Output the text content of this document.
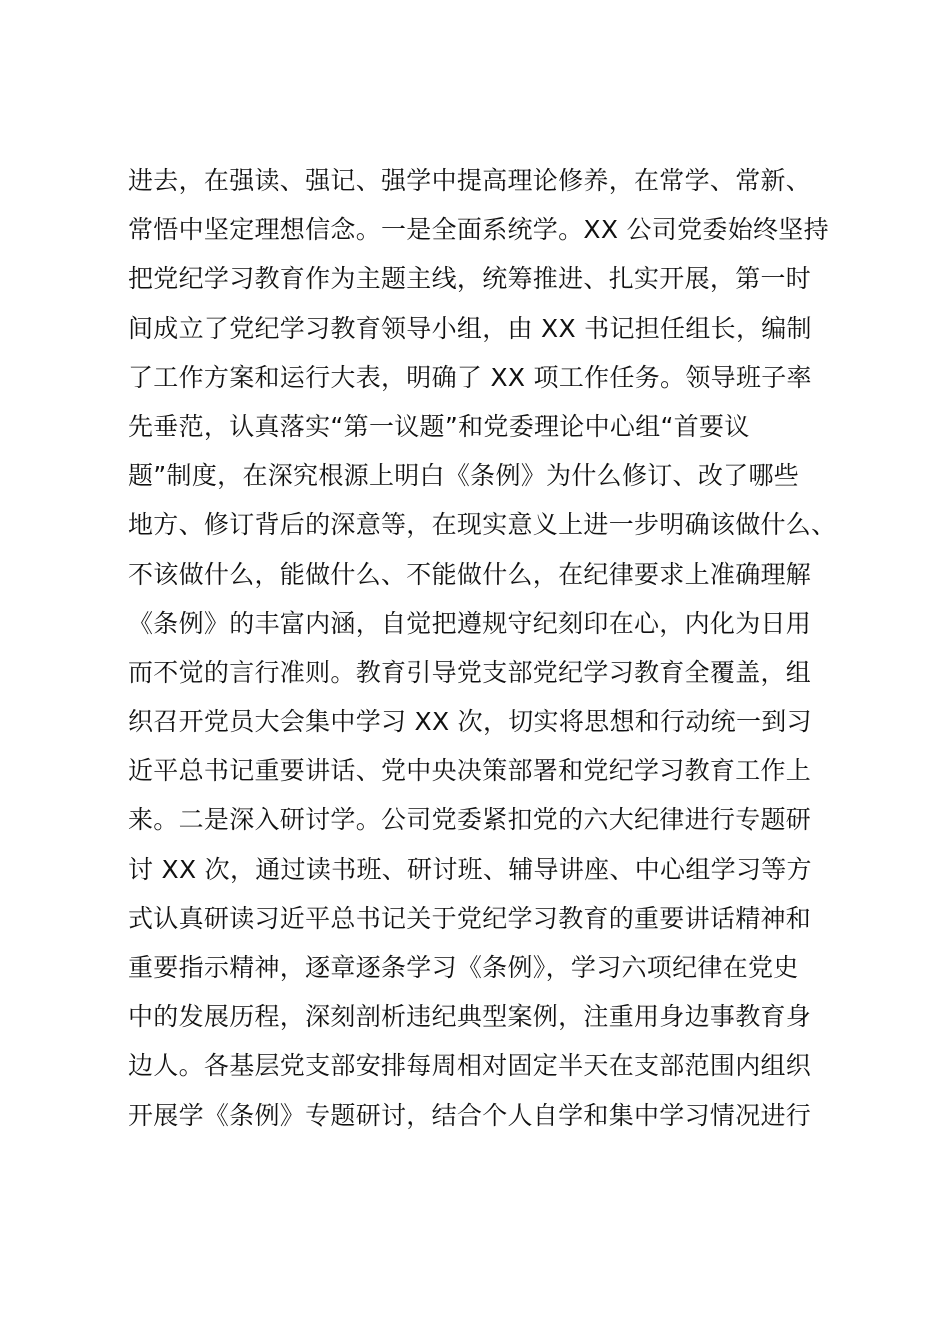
进去，在强读、强记、强学中提高理论修养，在常学、常新、
常悟中坚定理想信念。一是全面系统学。XX 公司党委始终坚持
把党纪学习教育作为主题主线，统筹推进、扎实开展，第一时
间成立了党纪学习教育领导小组，由 XX 书记担任组长，编制
了工作方案和运行大表，明确了 XX 项工作任务。领导班子率
先垂范，认真落实“第一议题”和党委理论中心组“首要议
题”制度，在深究根源上明白《条例》为什么修订、改了哪些
地方、修订背后的深意等，在现实意义上进一步明确该做什么、
不该做什么，能做什么、不能做什么，在纪律要求上准确理解
《条例》的丰富内涵，自觉把遵规守纪刻印在心，内化为日用
而不觉的言行准则。教育引导党支部党纪学习教育全覆盖，组
织召开党员大会集中学习 XX 次，切实将思想和行动统一到习
近平总书记重要讲话、党中央决策部署和党纪学习教育工作上
来。二是深入研讨学。公司党委紧扣党的六大纪律进行专题研
讨 XX 次，通过读书班、研讨班、辅导讲座、中心组学习等方
式认真研读习近平总书记关于党纪学习教育的重要讲话精神和
重要指示精神，逐章逐条学习《条例》，学习六项纪律在党史
中的发展历程，深刻剖析违纪典型案例，注重用身边事教育身
边人。各基层党支部安排每周相对固定半天在支部范围内组织
开展学《条例》专题研讨，结合个人自学和集中学习情况进行
